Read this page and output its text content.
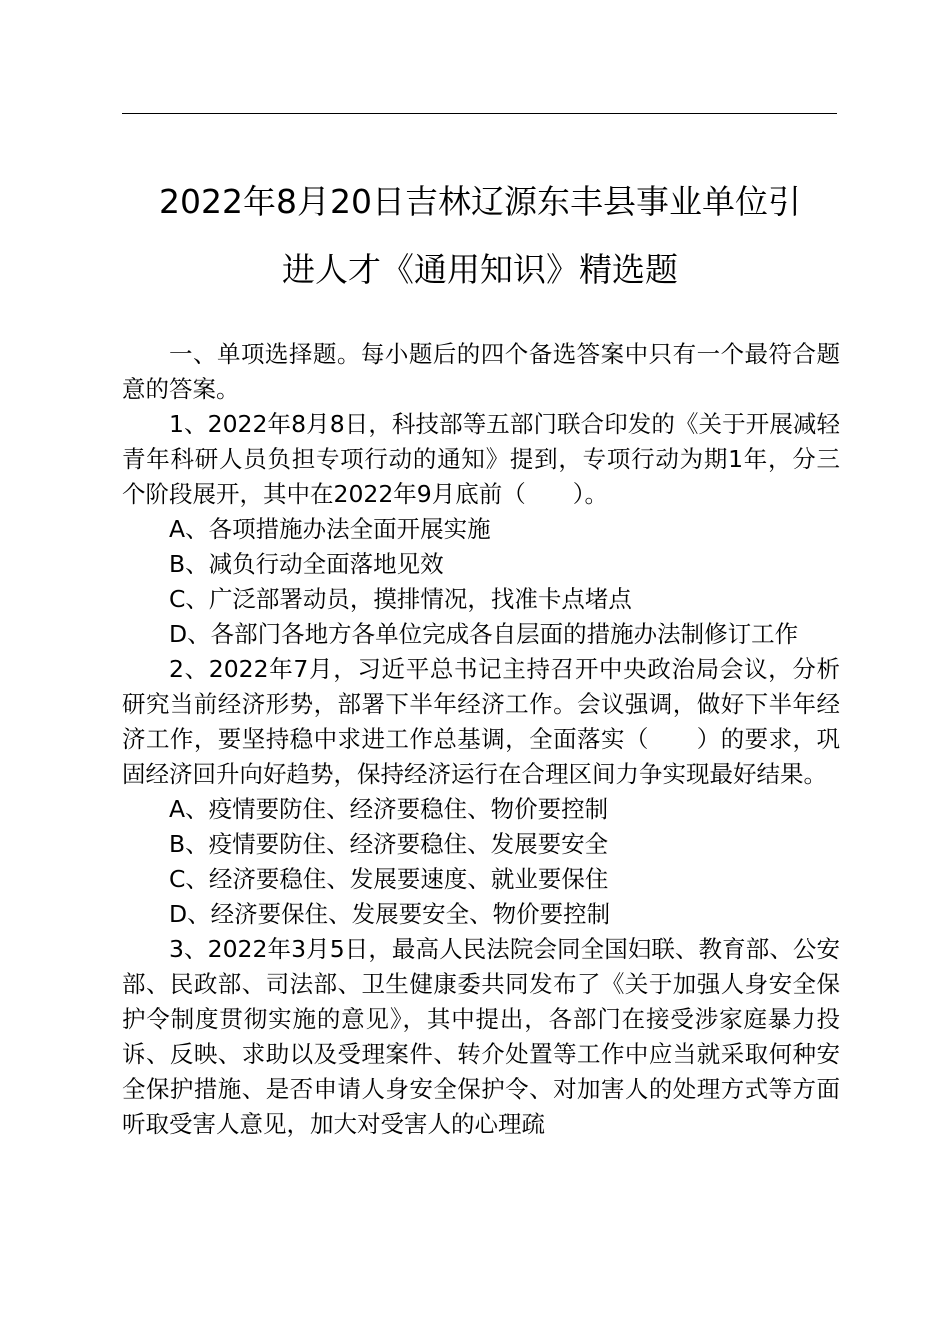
2022年8月20日吉林辽源东丰县事业单位引
进人才《通用知识》精选题

一、单项选择题。每小题后的四个备选答案中只有一个最符合题意的答案。

1、2022年8月8日，科技部等五部门联合印发的《关于开展减轻青年科研人员负担专项行动的通知》提到，专项行动为期1年，分三个阶段展开，其中在2022年9月底前（　　）。

A、各项措施办法全面开展实施

B、减负行动全面落地见效

C、广泛部署动员，摸排情况，找准卡点堵点

D、各部门各地方各单位完成各自层面的措施办法制修订工作

2、2022年7月，习近平总书记主持召开中央政治局会议，分析研究当前经济形势，部署下半年经济工作。会议强调，做好下半年经济工作，要坚持稳中求进工作总基调，全面落实（　　）的要求，巩固经济回升向好趋势，保持经济运行在合理区间力争实现最好结果。

A、疫情要防住、经济要稳住、物价要控制

B、疫情要防住、经济要稳住、发展要安全

C、经济要稳住、发展要速度、就业要保住

D、经济要保住、发展要安全、物价要控制

3、2022年3月5日，最高人民法院会同全国妇联、教育部、公安部、民政部、司法部、卫生健康委共同发布了《关于加强人身安全保护令制度贯彻实施的意见》，其中提出，各部门在接受涉家庭暴力投诉、反映、求助以及受理案件、转介处置等工作中应当就采取何种安全保护措施、是否申请人身安全保护令、对加害人的处理方式等方面听取受害人意见，加大对受害人的心理疏
